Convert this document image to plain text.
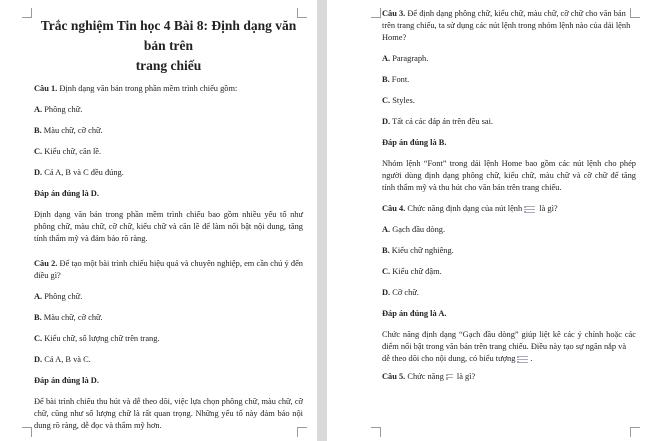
Trắc nghiệm Tin học 4 Bài 8: Định dạng văn bản trên
trang chiếu

Câu 1. Định dạng văn bản trong phần mềm trình chiếu gồm:

A. Phông chữ.

B. Màu chữ, cỡ chữ.

C. Kiểu chữ, căn lề.

D. Cả A, B và C đều đúng.

Đáp án đúng là D.

Định dạng văn bản trong phần mềm trình chiếu bao gồm nhiều yếu tố như phông chữ, màu chữ, cỡ chữ, kiểu chữ và căn lề để làm nổi bật nội dung, tăng tính thẩm mỹ và đảm bảo rõ ràng.

Câu 2. Để tạo một bài trình chiếu hiệu quả và chuyên nghiệp, em cần chú ý đến điều gì?

A. Phông chữ.

B. Màu chữ, cỡ chữ.

C. Kiểu chữ, số lượng chữ trên trang.

D. Cả A, B và C.

Đáp án đúng là D.

Để bài trình chiếu thu hút và dễ theo dõi, việc lựa chọn phông chữ, màu chữ, cỡ chữ, cũng như số lượng chữ là rất quan trọng. Những yếu tố này đảm bảo nội dung rõ ràng, dễ đọc và thẩm mỹ hơn.

Câu 3. Để định dạng phông chữ, kiểu chữ, màu chữ, cỡ chữ cho văn bản trên trang chiếu, ta sử dụng các nút lệnh trong nhóm lệnh nào của dải lệnh Home?

A. Paragraph.

B. Font.

C. Styles.

D. Tất cả các đáp án trên đều sai.

Đáp án đúng là B.

Nhóm lệnh “Font” trong dải lệnh Home bao gồm các nút lệnh cho phép người dùng định dạng phông chữ, kiểu chữ, màu chữ và cỡ chữ để tăng tính thẩm mỹ và thu hút cho văn bản trên trang chiếu.

Câu 4. Chức năng định dạng của nút lệnh là gì?

A. Gạch đầu dòng.

B. Kiểu chữ nghiêng.

C. Kiểu chữ đậm.

D. Cỡ chữ.

Đáp án đúng là A.

Chức năng định dạng “Gạch đầu dòng” giúp liệt kê các ý chính hoặc các điểm nổi bật trong văn bản trên trang chiếu. Điều này tạo sự ngăn nắp và
dễ theo dõi cho nội dung, có biểu tượng .

Câu 5. Chức năng là gì?
